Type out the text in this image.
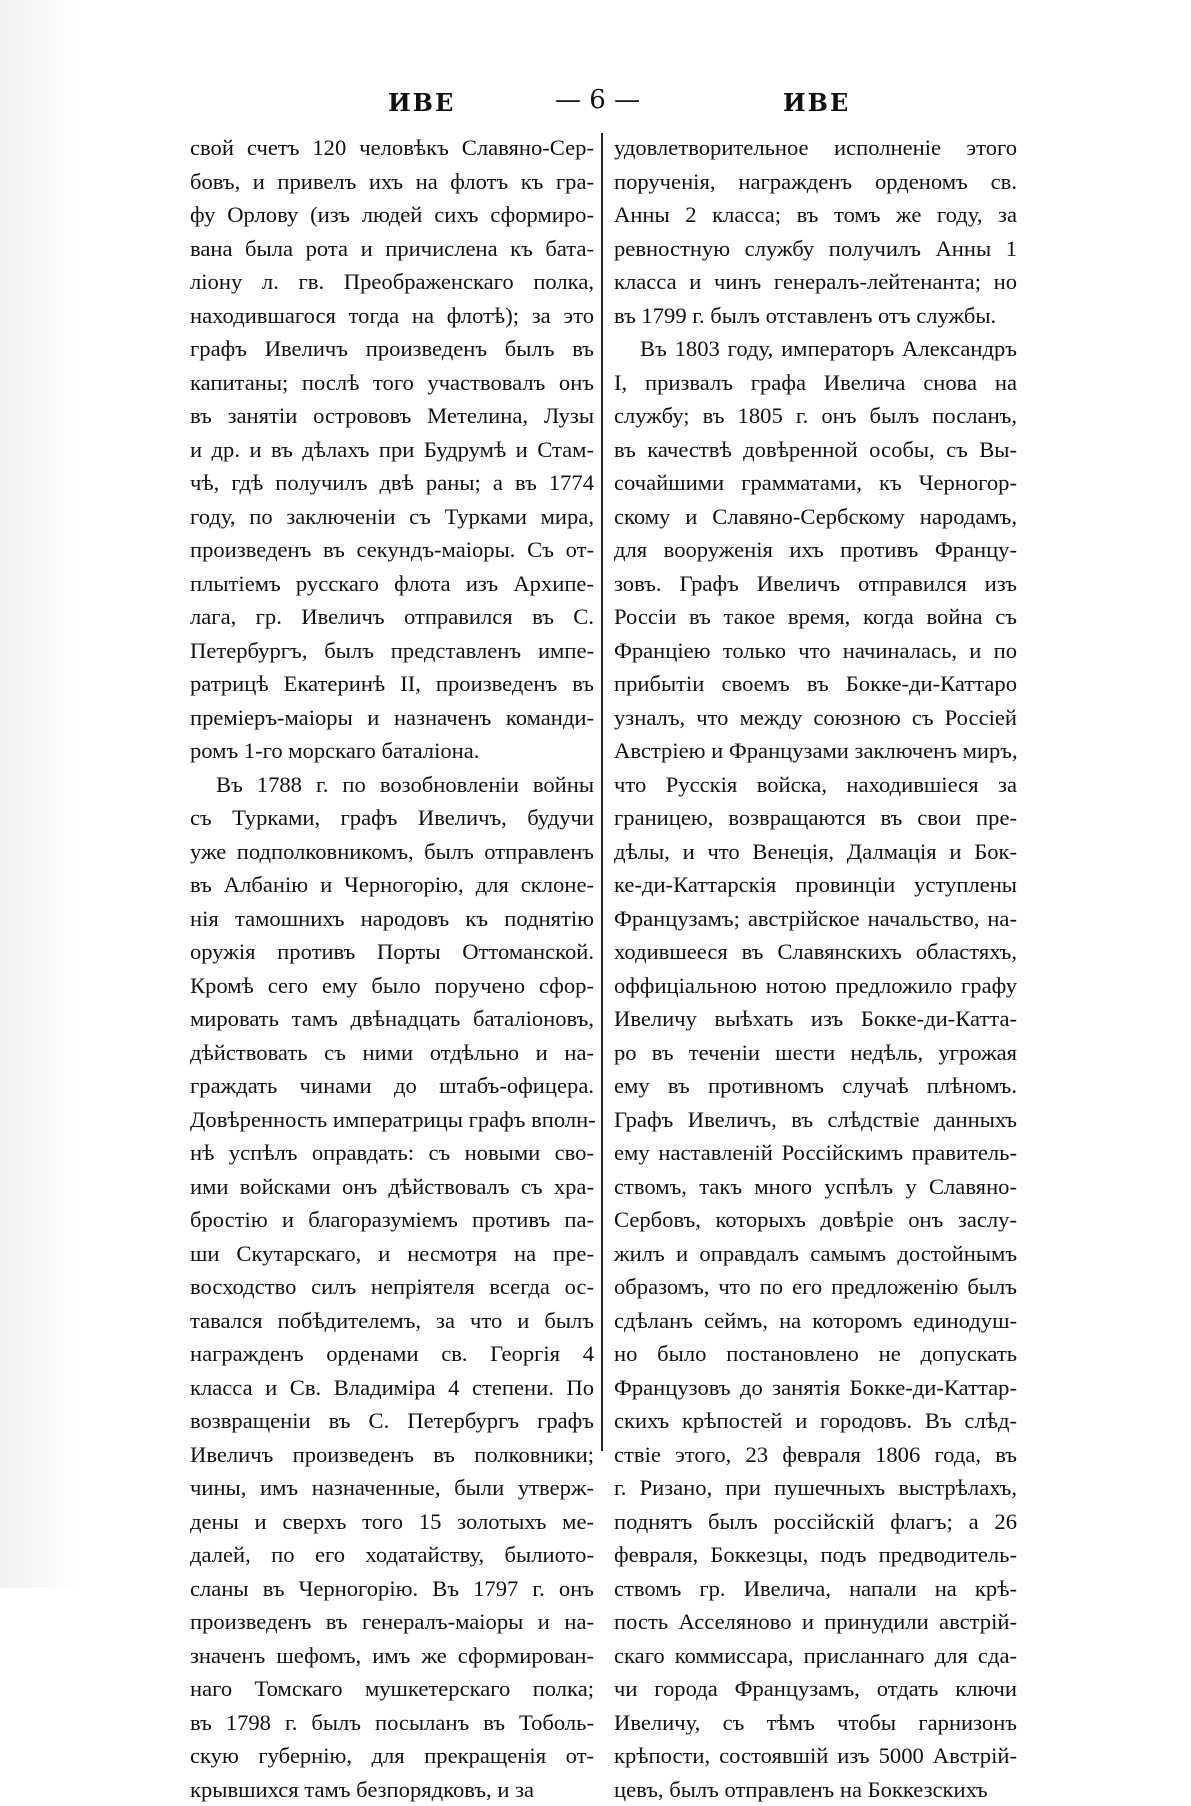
ИВЕ	— 6 —	ИВЕ
свой счетъ 120 человѣкъ Славяно-Сер-
бовъ, и привелъ ихъ на флотъ къ гра-
фу Орлову (изъ людей сихъ сформиро-
вана была рота и причислена къ бата-
ліону л. гв. Преображенскаго полка,
находившагося тогда на флотѣ); за это
графъ Ивеличъ произведенъ былъ въ
капитаны; послѣ того участвовалъ онъ
въ занятіи острововъ Метелина, Лузы
и др. и въ дѣлахъ при Будрумѣ и Стам-
чѣ, гдѣ получилъ двѣ раны; а въ 1774
году, по заключеніи съ Турками мира,
произведенъ въ секундъ-маіоры. Съ от-
плытіемъ русскаго флота изъ Архипе-
лага, гр. Ивеличъ отправился въ С.
Петербургъ, былъ представленъ импе-
ратрицѣ Екатеринѣ II, произведенъ въ
преміеръ-маіоры и назначенъ команди-
ромъ 1-го морскаго баталіона.
Въ 1788 г. по возобновленіи войны
съ Турками, графъ Ивеличъ, будучи
уже подполковникомъ, былъ отправленъ
въ Албанію и Черногорію, для склоне-
нія тамошнихъ народовъ къ поднятію
оружія противъ Порты Оттоманской.
Кромѣ сего ему было поручено сфор-
мировать тамъ двѣнадцать баталіоновъ,
дѣйствовать съ ними отдѣльно и на-
граждать чинами до штабъ-офицера.
Довѣренность императрицы графъ вполн-
нѣ успѣлъ оправдать: съ новыми сво-
ими войсками онъ дѣйствовалъ съ хра-
бростію и благоразуміемъ противъ па-
ши Скутарскаго, и несмотря на пре-
восходство силъ непріятеля всегда ос-
тавался побѣдителемъ, за что и былъ
награжденъ орденами св. Георгія 4
класса и Св. Владиміра 4 степени. По
возвращеніи въ С. Петербургъ графъ
Ивеличъ произведенъ въ полковники;
чины, имъ назначенные, были утверж-
дены и сверхъ того 15 золотыхъ ме-
далей, по его ходатайству, былиото-
сланы въ Черногорію. Въ 1797 г. онъ
произведенъ въ генералъ-маіоры и на-
значенъ шефомъ, имъ же сформирован-
наго Томскаго мушкетерскаго полка;
въ 1798 г. былъ посыланъ въ Тоболь-
скую губернію, для прекращенія от-
крывшихся тамъ безпорядковъ, и за
удовлетворительное исполненіе этого
порученія, награжденъ орденомъ св.
Анны 2 класса; въ томъ же году, за
ревностную службу получилъ Анны 1
класса и чинъ генералъ-лейтенанта; но
въ 1799 г. былъ отставленъ отъ службы.
Въ 1803 году, императоръ Александръ
I, призвалъ графа Ивелича снова на
службу; въ 1805 г. онъ былъ посланъ,
въ качествѣ довѣренной особы, съ Вы-
сочайшими грамматами, къ Черногор-
скому и Славяно-Сербскому народамъ,
для вооруженія ихъ противъ Францу-
зовъ. Графъ Ивеличъ отправился изъ
Россіи въ такое время, когда война съ
Франціею только что начиналась, и по
прибытіи своемъ въ Бокке-ди-Каттаро
узналъ, что между союзною съ Россіей
Австріею и Французами заключенъ миръ,
что Русскія войска, находившіеся за
границею, возвращаются въ свои пре-
дѣлы, и что Венеція, Далмація и Бок-
ке-ди-Каттарскія провинціи уступлены
Французамъ; австрійское начальство, на-
ходившееся въ Славянскихъ областяхъ,
оффиціальною нотою предложило графу
Ивеличу выѣхать изъ Бокке-ди-Катта-
ро въ теченіи шести недѣль, угрожая
ему въ противномъ случаѣ плѣномъ.
Графъ Ивеличъ, въ слѣдствіе данныхъ
ему наставленій Россійскимъ правитель-
ствомъ, такъ много успѣлъ у Славяно-
Сербовъ, которыхъ довѣріе онъ заслу-
жилъ и оправдалъ самымъ достойнымъ
образомъ, что по его предложенію былъ
сдѣланъ сеймъ, на которомъ единодуш-
но было постановлено не допускать
Французовъ до занятія Бокке-ди-Каттар-
скихъ крѣпостей и городовъ. Въ слѣд-
ствіе этого, 23 февраля 1806 года, въ
г. Ризано, при пушечныхъ выстрѣлахъ,
поднятъ былъ россійскій флагъ; а 26
февраля, Боккезцы, подъ предводитель-
ствомъ гр. Ивелича, напали на крѣ-
пость Асселяново и принудили австрій-
скаго коммиссара, присланнаго для сда-
чи города Французамъ, отдать ключи
Ивеличу, съ тѣмъ чтобы гарнизонъ
крѣпости, состоявшій изъ 5000 Австрій-
цевъ, былъ отправленъ на Боккезскихъ
